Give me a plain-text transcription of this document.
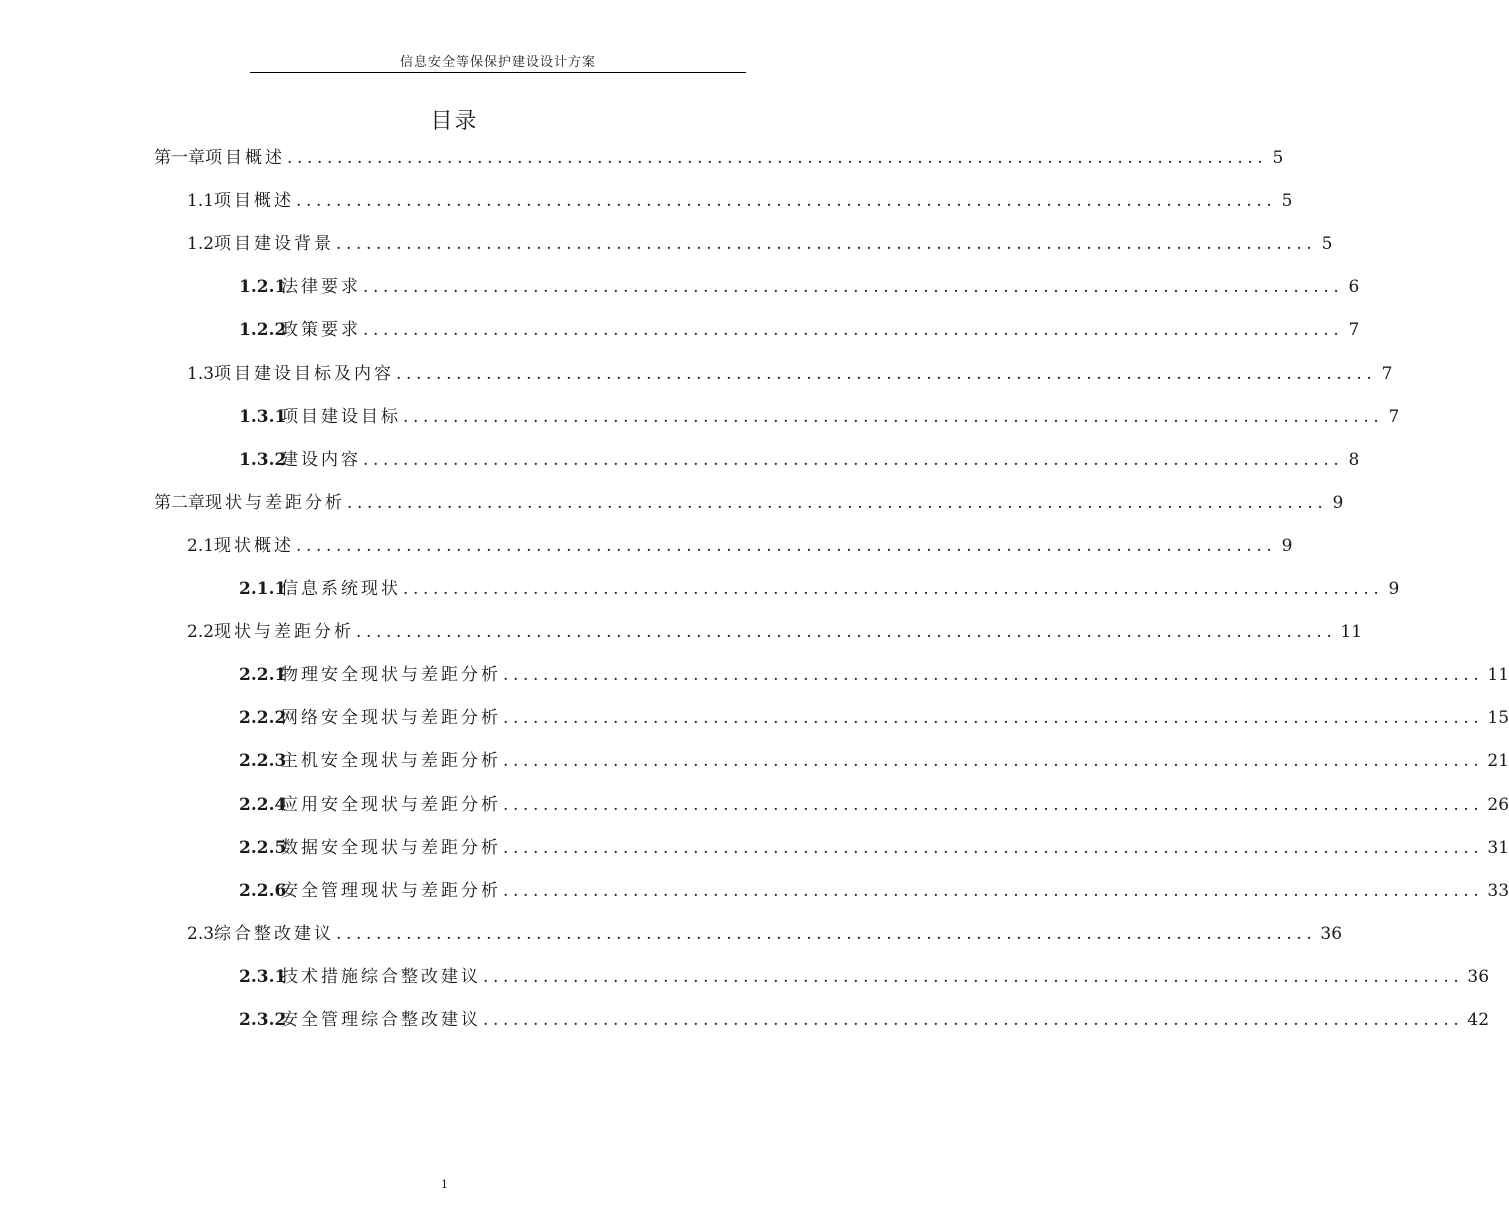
信息安全等保保护建设设计方案
目录
第一章 项目概述 .................................................................................................. 5
1.1 项目概述 .................................................................................................. 5
1.2 项目建设背景 .................................................................................................. 5
1.2.1
法律要求 .................................................................................................. 6
1.2.2
政策要求 .................................................................................................. 7
1.3 项目建设目标及内容 .................................................................................................. 7
1.3.1
项目建设目标 .................................................................................................. 7
1.3.2
建设内容 .................................................................................................. 8
第二章 现状与差距分析 .................................................................................................. 9
2.1 现状概述 .................................................................................................. 9
2.1.1
信息系统现状 .................................................................................................. 9
2.2 现状与差距分析 .................................................................................................. 11
2.2.1
物理安全现状与差距分析 .................................................................................................. 11
2.2.2
网络安全现状与差距分析 .................................................................................................. 15
2.2.3
主机安全现状与差距分析 .................................................................................................. 21
2.2.4
应用安全现状与差距分析 .................................................................................................. 26
2.2.5
数据安全现状与差距分析 .................................................................................................. 31
2.2.6
安全管理现状与差距分析 .................................................................................................. 33
2.3 综合整改建议 .................................................................................................. 36
2.3.1
技术措施综合整改建议 .................................................................................................. 36
2.3.2
安全管理综合整改建议 .................................................................................................. 42
1
